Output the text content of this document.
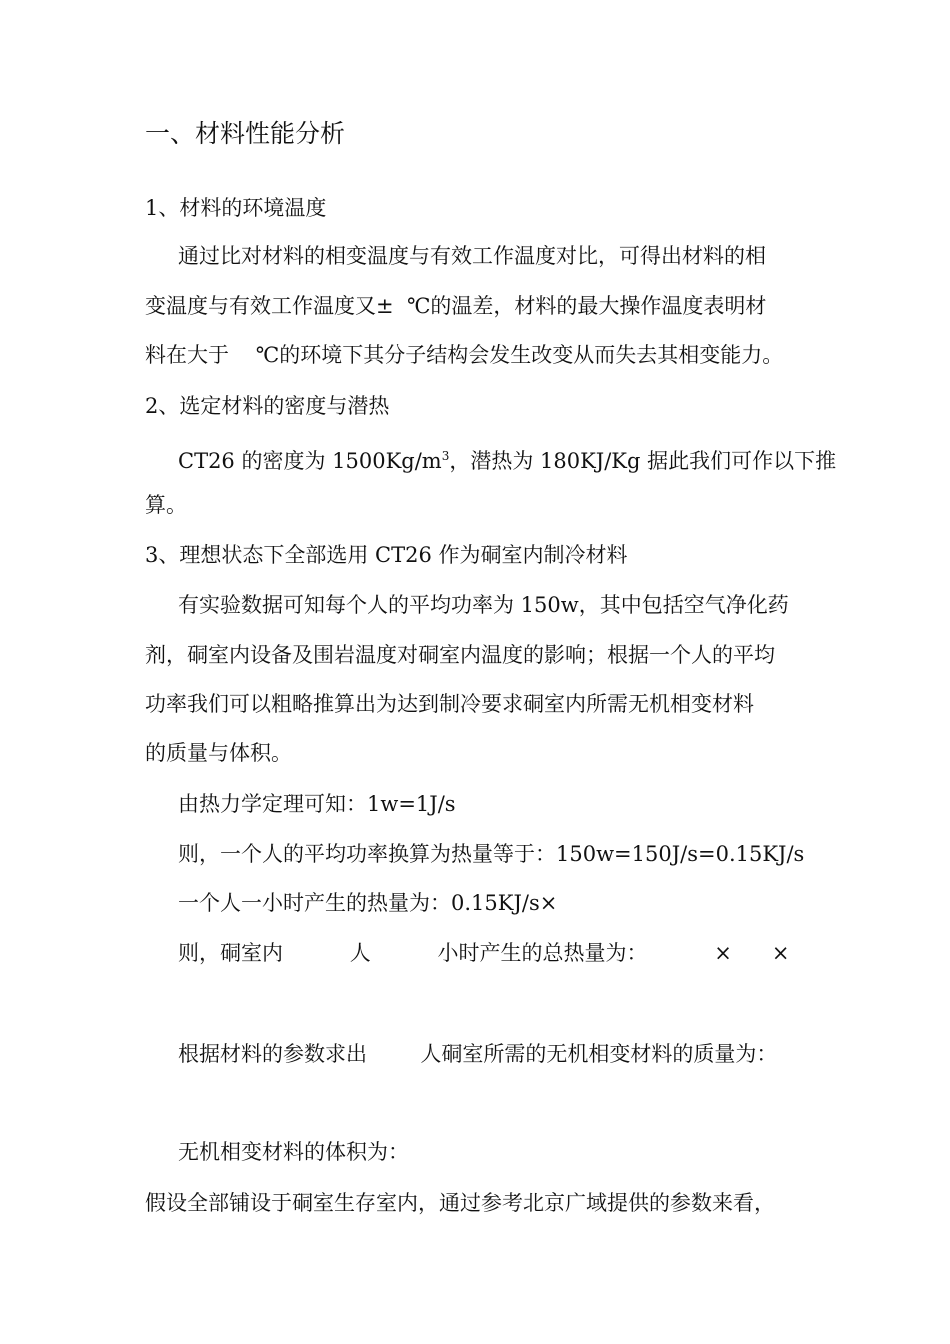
一、材料性能分析
1、材料的环境温度
通过比对材料的相变温度与有效工作温度对比，可得出材料的相
变温度与有效工作温度又±  ℃的温差，材料的最大操作温度表明材
料在大于    ℃的环境下其分子结构会发生改变从而失去其相变能力。
2、选定材料的密度与潜热
CT26 的密度为 $1500Kg/m^3$，潜热为 180KJ/Kg 据此我们可作以下推
算。
3、理想状态下全部选用 CT26 作为硐室内制冷材料
有实验数据可知每个人的平均功率为 150w，其中包括空气净化药
剂，硐室内设备及围岩温度对硐室内温度的影响；根据一个人的平均
功率我们可以粗略推算出为达到制冷要求硐室内所需无机相变材料
的质量与体积。
由热力学定理可知：1w=1J/s
则，一个人的平均功率换算为热量等于：150w=150J/s=0.15KJ/s
一个人一小时产生的热量为：0.15KJ/s×
则，硐室内          人          小时产生的总热量为：          ×      ×
根据材料的参数求出        人硐室所需的无机相变材料的质量为：
无机相变材料的体积为：
假设全部铺设于硐室生存室内，通过参考北京广域提供的参数来看，
